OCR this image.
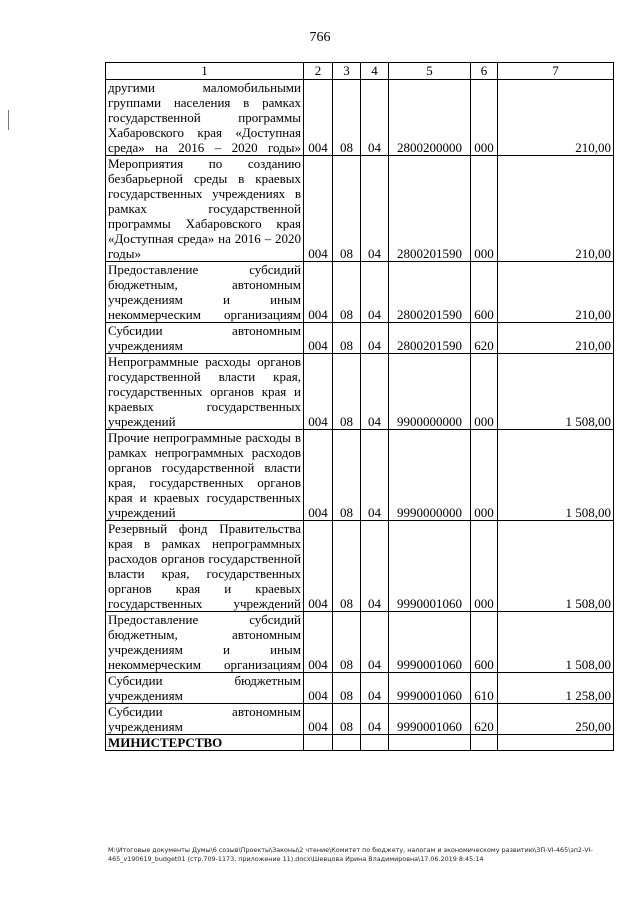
766
1	2	3	4	5	6	7
другими маломобильными группами населения в рамках государственной программы Хабаровского края «Доступная среда» на 2016 – 2020 годы»	004	08	04	2800200000	000	210,00
Мероприятия по созданию безбарьерной среды в краевых государственных учреждениях в рамках государственной программы Хабаровского края «Доступная среда» на 2016 – 2020 годы»	004	08	04	2800201590	000	210,00
Предоставление субсидий бюджетным, автономным учреждениям и иным некоммерческим организациям	004	08	04	2800201590	600	210,00
Субсидии автономным учреждениям	004	08	04	2800201590	620	210,00
Непрограммные расходы органов государственной власти края, государственных органов края и краевых государственных учреждений	004	08	04	9900000000	000	1 508,00
Прочие непрограммные расходы в рамках непрограммных расходов органов государственной власти края, государственных органов края и краевых государственных учреждений	004	08	04	9990000000	000	1 508,00
Резервный фонд Правительства края в рамках непрограммных расходов органов государственной власти края, государственных органов края и краевых государственных учреждений	004	08	04	9990001060	000	1 508,00
Предоставление субсидий бюджетным, автономным учреждениям и иным некоммерческим организациям	004	08	04	9990001060	600	1 508,00
Субсидии бюджетным учреждениям	004	08	04	9990001060	610	1 258,00
Субсидии автономным учреждениям	004	08	04	9990001060	620	250,00
МИНИСТЕРСТВО						
M:\Итоговые документы Думы\6 созыв\Проекты\Законы\2 чтение\Комитет по бюджету, налогам и экономическому развитию\3П-VI-465\зп2-VI-465_v190619_budget01 (стр.709-1173, приложение 11).docx\Шевцова Ирина Владимировна\17.06.2019 8:45:14
